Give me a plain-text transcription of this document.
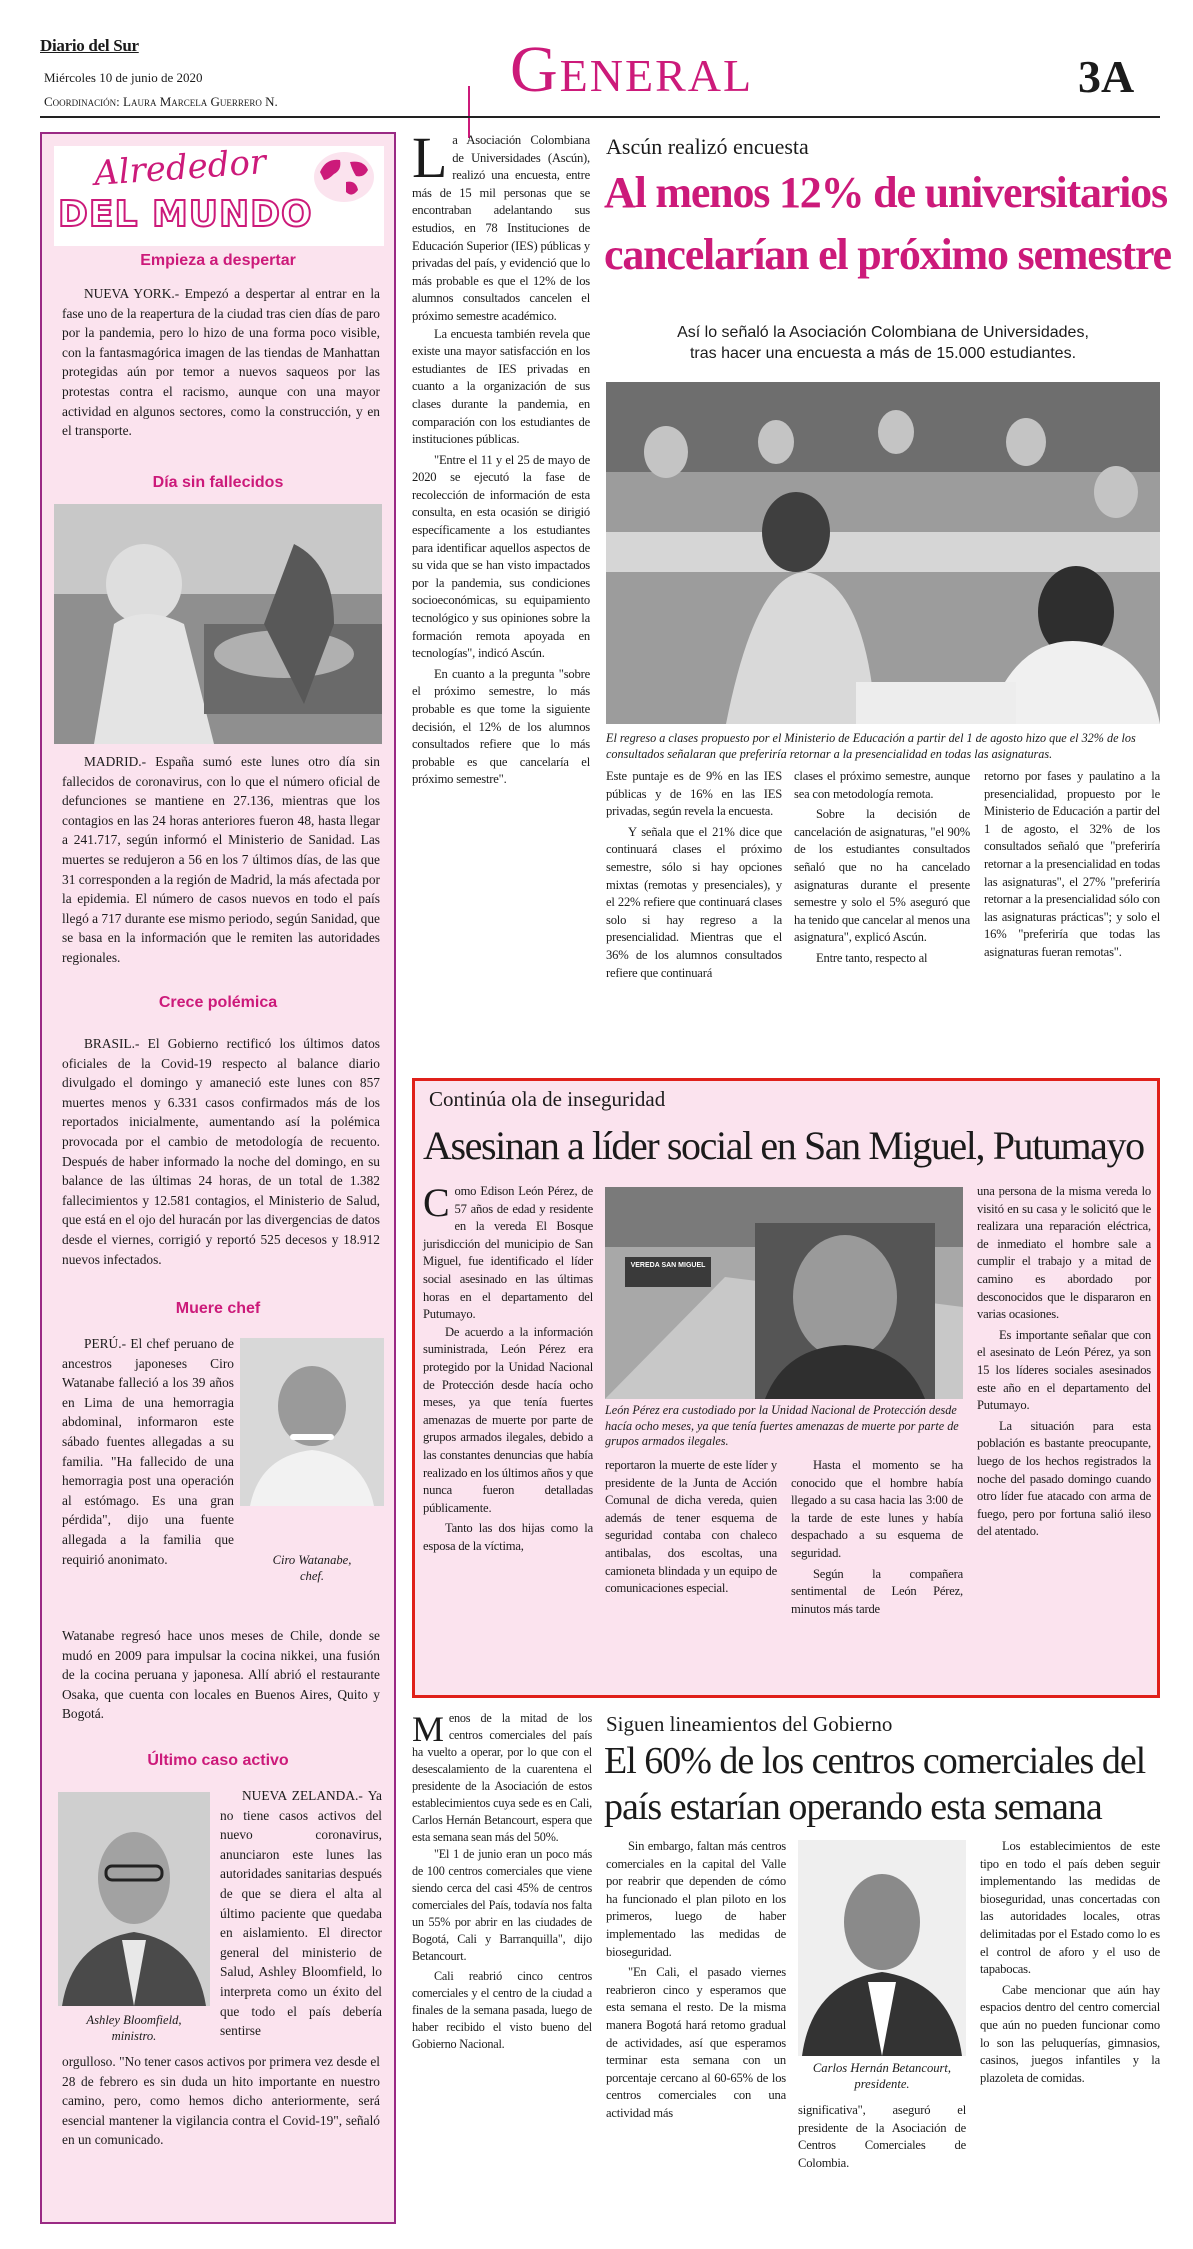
Diario del Sur
Miércoles 10 de junio de 2020
Coordinación: Laura Marcela Guerrero N.	General	3A
Alrededor
DEL MUNDO
Empieza a despertar

NUEVA YORK.- Empezó a despertar al entrar en la fase uno de la reapertura de la ciudad tras cien días de paro por la pandemia, pero lo hizo de una forma poco visible, con la fantasmagórica imagen de las tiendas de Manhattan protegidas aún por temor a nuevos saqueos por las protestas contra el racismo, aunque con una mayor actividad en algunos sectores, como la construcción, y en el transporte.

Día sin fallecidos

MADRID.- España sumó este lunes otro día sin fallecidos de coronavirus, con lo que el número oficial de defunciones se mantiene en 27.136, mientras que los contagios en las 24 horas anteriores fueron 48, hasta llegar a 241.717, según informó el Ministerio de Sanidad. Las muertes se redujeron a 56 en los 7 últimos días, de las que 31 corresponden a la región de Madrid, la más afectada por la epidemia. El número de casos nuevos en todo el país llegó a 717 durante ese mismo periodo, según Sanidad, que se basa en la información que le remiten las autoridades regionales.

Crece polémica

BRASIL.- El Gobierno rectificó los últimos datos oficiales de la Covid-19 respecto al balance diario divulgado el domingo y amaneció este lunes con 857 muertes menos y 6.331 casos confirmados más de los reportados inicialmente, aumentando así la polémica provocada por el cambio de metodología de recuento. Después de haber informado la noche del domingo, en su balance de las últimas 24 horas, de un total de 1.382 fallecimientos y 12.581 contagios, el Ministerio de Salud, que está en el ojo del huracán por las divergencias de datos desde el viernes, corrigió y reportó 525 decesos y 18.912 nuevos infectados.

Muere chef

PERÚ.- El chef peruano de ancestros japoneses Ciro Watanabe falleció a los 39 años en Lima de una hemorragia abdominal, informaron este sábado fuentes allegadas a su familia. "Ha fallecido de una hemorragia post una operación al estómago. Es una gran pérdida", dijo una fuente allegada a la familia que requirió anonimato.	Ciro Watanabe,
chef.

Watanabe regresó hace unos meses de Chile, donde se mudó en 2009 para impulsar la cocina nikkei, una fusión de la cocina peruana y japonesa. Allí abrió el restaurante Osaka, que cuenta con locales en Buenos Aires, Quito y Bogotá.

Último caso activo
Ashley Bloomfield,
ministro.

NUEVA ZELANDA.- Ya no tiene casos activos del nuevo coronavirus, anunciaron este lunes las autoridades sanitarias después de que se diera el alta al último paciente que quedaba en aislamiento. El director general del ministerio de Salud, Ashley Bloomfield, lo interpreta como un éxito del que todo el país debería sentirse

orgulloso. "No tener casos activos por primera vez desde el 28 de febrero es sin duda un hito importante en nuestro camino, pero, como hemos dicho anteriormente, será esencial mantener la vigilancia contra el Covid-19", señaló en un comunicado.

La Asociación Colombiana de Universidades (Ascún), realizó una encuesta, entre más de 15 mil personas que se encontraban adelantando sus estudios, en 78 Instituciones de Educación Superior (IES) públicas y privadas del país, y evidenció que lo más probable es que el 12% de los alumnos consultados cancelen el próximo semestre académico.

La encuesta también revela que existe una mayor satisfacción en los estudiantes de IES privadas en cuanto a la organización de sus clases durante la pandemia, en comparación con los estudiantes de instituciones públicas.

"Entre el 11 y el 25 de mayo de 2020 se ejecutó la fase de recolección de información de esta consulta, en esta ocasión se dirigió específicamente a los estudiantes para identificar aquellos aspectos de su vida que se han visto impactados por la pandemia, sus condiciones socioeconómicas, su equipamiento tecnológico y sus opiniones sobre la formación remota apoyada en tecnologías", indicó Ascún.

En cuanto a la pregunta "sobre el próximo semestre, lo más probable es que tome la siguiente decisión, el 12% de los alumnos consultados refiere que lo más probable es que cancelaría el próximo semestre".

Ascún realizó encuesta
Al menos 12% de universitarios
cancelarían el próximo semestre
Así lo señaló la Asociación Colombiana de Universidades,
tras hacer una encuesta a más de 15.000 estudiantes.
El regreso a clases propuesto por el Ministerio de Educación a partir del 1 de agosto hizo que el 32% de los consultados señalaran que preferiría retornar a la presencialidad en todas las asignaturas.

Este puntaje es de 9% en las IES públicas y de 16% en las IES privadas, según revela la encuesta.

Y señala que el 21% dice que continuará clases el próximo semestre, sólo si hay opciones mixtas (remotas y presenciales), y el 22% refiere que continuará clases solo si hay regreso a la presencialidad. Mientras que el 36% de los alumnos consultados refiere que continuará

clases el próximo semestre, aunque sea con metodología remota.

Sobre la decisión de cancelación de asignaturas, "el 90% de los estudiantes consultados señaló que no ha cancelado asignaturas durante el presente semestre y solo el 5% aseguró que ha tenido que cancelar al menos una asignatura", explicó Ascún.

Entre tanto, respecto al

retorno por fases y paulatino a la presencialidad, propuesto por le Ministerio de Educación a partir del 1 de agosto, el 32% de los consultados señaló que "preferiría retornar a la presencialidad en todas las asignaturas", el 27% "preferiría retornar a la presencialidad sólo con las asignaturas prácticas"; y solo el 16% "preferiría que todas las asignaturas fueran remotas".

Continúa ola de inseguridad
Asesinan a líder social en San Miguel, Putumayo
Como Edison León Pérez, de 57 años de edad y residente en la vereda El Bosque jurisdicción del municipio de San Miguel, fue identificado el líder social asesinado en las últimas horas en el departamento del Putumayo.

De acuerdo a la información suministrada, León Pérez era protegido por la Unidad Nacional de Protección desde hacía ocho meses, ya que tenía fuertes amenazas de muerte por parte de grupos armados ilegales, debido a las constantes denuncias que había realizado en los últimos años y que nunca fueron detalladas públicamente.

Tanto las dos hijas como la esposa de la víctima,

VEREDA SAN MIGUEL
León Pérez era custodiado por la Unidad Nacional de Protección desde hacía ocho meses, ya que tenía fuertes amenazas de muerte por parte de grupos armados ilegales.

reportaron la muerte de este líder y presidente de la Junta de Acción Comunal de dicha vereda, quien además de tener esquema de seguridad contaba con chaleco antibalas, dos escoltas, una camioneta blindada y un equipo de comunicaciones especial.

Hasta el momento se ha conocido que el hombre había llegado a su casa hacia las 3:00 de la tarde de este lunes y había despachado a su esquema de seguridad.

Según la compañera sentimental de León Pérez, minutos más tarde

una persona de la misma vereda lo visitó en su casa y le solicitó que le realizara una reparación eléctrica, de inmediato el hombre sale a cumplir el trabajo y a mitad de camino es abordado por desconocidos que le dispararon en varias ocasiones.

Es importante señalar que con el asesinato de León Pérez, ya son 15 los líderes sociales asesinados este año en el departamento del Putumayo.

La situación para esta población es bastante preocupante, luego de los hechos registrados la noche del pasado domingo cuando otro líder fue atacado con arma de fuego, pero por fortuna salió ileso del atentado.

Menos de la mitad de los centros comerciales del país ha vuelto a operar, por lo que con el desescalamiento de la cuarentena el presidente de la Asociación de estos establecimientos cuya sede es en Cali, Carlos Hernán Betancourt, espera que esta semana sean más del 50%.

"El 1 de junio eran un poco más de 100 centros comerciales que viene siendo cerca del casi 45% de centros comerciales del País, todavía nos falta un 55% por abrir en las ciudades de Bogotá, Cali y Barranquilla", dijo Betancourt.

Cali reabrió cinco centros comerciales y el centro de la ciudad a finales de la semana pasada, luego de haber recibido el visto bueno del Gobierno Nacional.

Siguen lineamientos del Gobierno
El 60% de los centros comerciales del
país estarían operando esta semana

Sin embargo, faltan más centros comerciales en la capital del Valle por reabrir que dependen de cómo ha funcionado el plan piloto en los primeros, luego de haber implementado las medidas de bioseguridad.

"En Cali, el pasado viernes reabrieron cinco y esperamos que esta semana el resto. De la misma manera Bogotá hará retomo gradual de actividades, así que esperamos terminar esta semana con un porcentaje cercano al 60-65% de los centros comerciales con una actividad más

Carlos Hernán Betancourt,
presidente.

significativa", aseguró el presidente de la Asociación de Centros Comerciales de Colombia.

Los establecimientos de este tipo en todo el país deben seguir implementando las medidas de bioseguridad, unas concertadas con las autoridades locales, otras delimitadas por el Estado como lo es el control de aforo y el uso de tapabocas.

Cabe mencionar que aún hay espacios dentro del centro comercial que aún no pueden funcionar como lo son las peluquerías, gimnasios, casinos, juegos infantiles y la plazoleta de comidas.
